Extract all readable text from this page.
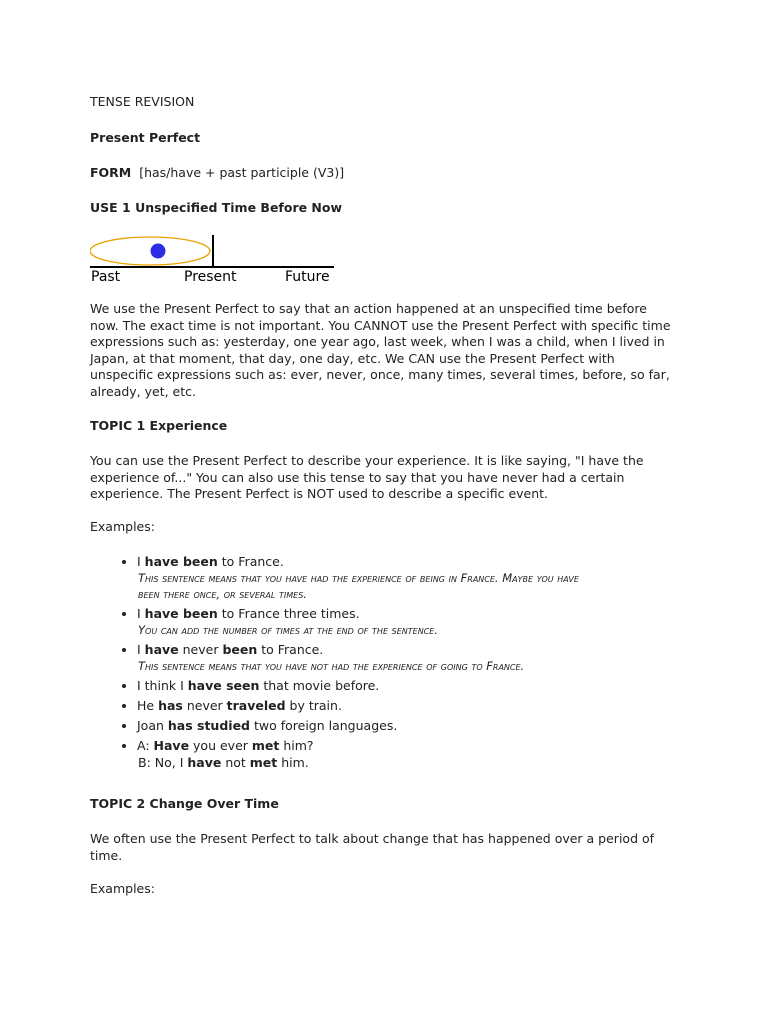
TENSE REVISION
Present Perfect
FORM [has/have + past participle (V3)]
USE 1 Unspecified Time Before Now
Past	Present	Future
We use the Present Perfect to say that an action happened at an unspecified time before
now. The exact time is not important. You CANNOT use the Present Perfect with specific time
expressions such as: yesterday, one year ago, last week, when I was a child, when I lived in
Japan, at that moment, that day, one day, etc. We CAN use the Present Perfect with
unspecific expressions such as: ever, never, once, many times, several times, before, so far,
already, yet, etc.
TOPIC 1 Experience
You can use the Present Perfect to describe your experience. It is like saying, "I have the
experience of..." You can also use this tense to say that you have never had a certain
experience. The Present Perfect is NOT used to describe a specific event.
Examples:
• I have been to France.
This sentence means that you have had the experience of being in France. Maybe you have
been there once, or several times.
• I have been to France three times.
You can add the number of times at the end of the sentence.
• I have never been to France.
This sentence means that you have not had the experience of going to France.
• I think I have seen that movie before.
• He has never traveled by train.
• Joan has studied two foreign languages.
• A: Have you ever met him?
B: No, I have not met him.
TOPIC 2 Change Over Time
We often use the Present Perfect to talk about change that has happened over a period of
time.
Examples:
